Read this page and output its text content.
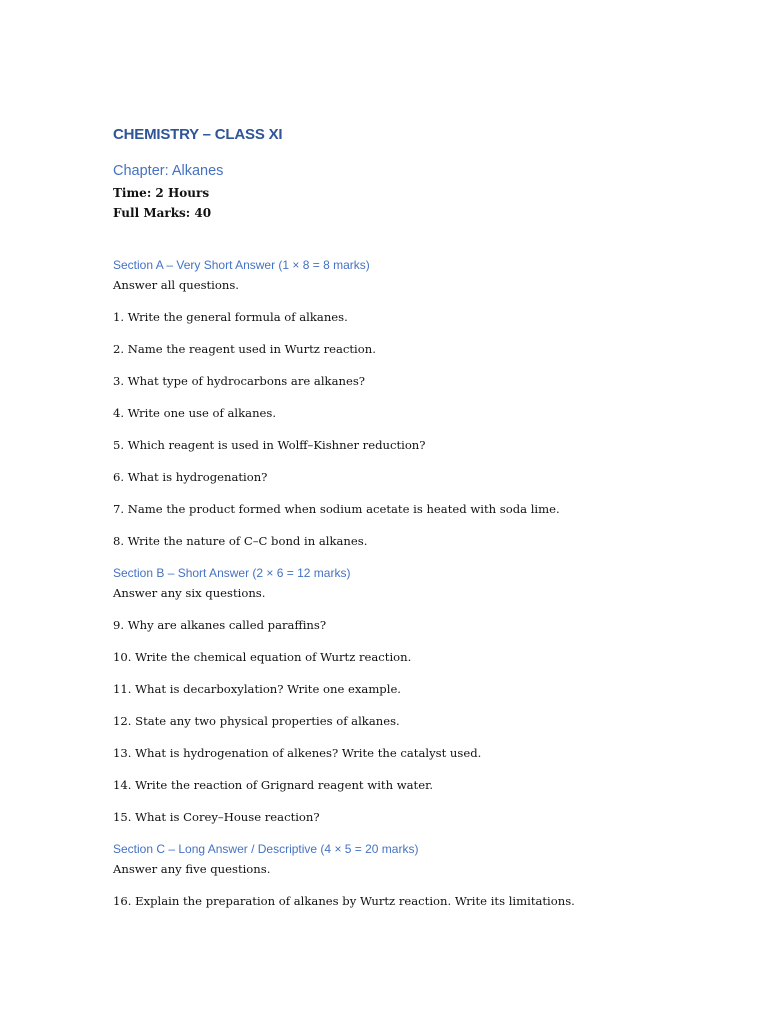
CHEMISTRY – CLASS XI
Chapter: Alkanes
Time: 2 Hours
Full Marks: 40
Section A – Very Short Answer (1 × 8 = 8 marks)
Answer all questions.
1. Write the general formula of alkanes.
2. Name the reagent used in Wurtz reaction.
3. What type of hydrocarbons are alkanes?
4. Write one use of alkanes.
5. Which reagent is used in Wolff–Kishner reduction?
6. What is hydrogenation?
7. Name the product formed when sodium acetate is heated with soda lime.
8. Write the nature of C–C bond in alkanes.
Section B – Short Answer (2 × 6 = 12 marks)
Answer any six questions.
9. Why are alkanes called paraffins?
10. Write the chemical equation of Wurtz reaction.
11. What is decarboxylation? Write one example.
12. State any two physical properties of alkanes.
13. What is hydrogenation of alkenes? Write the catalyst used.
14. Write the reaction of Grignard reagent with water.
15. What is Corey–House reaction?
Section C – Long Answer / Descriptive (4 × 5 = 20 marks)
Answer any five questions.
16. Explain the preparation of alkanes by Wurtz reaction. Write its limitations.
